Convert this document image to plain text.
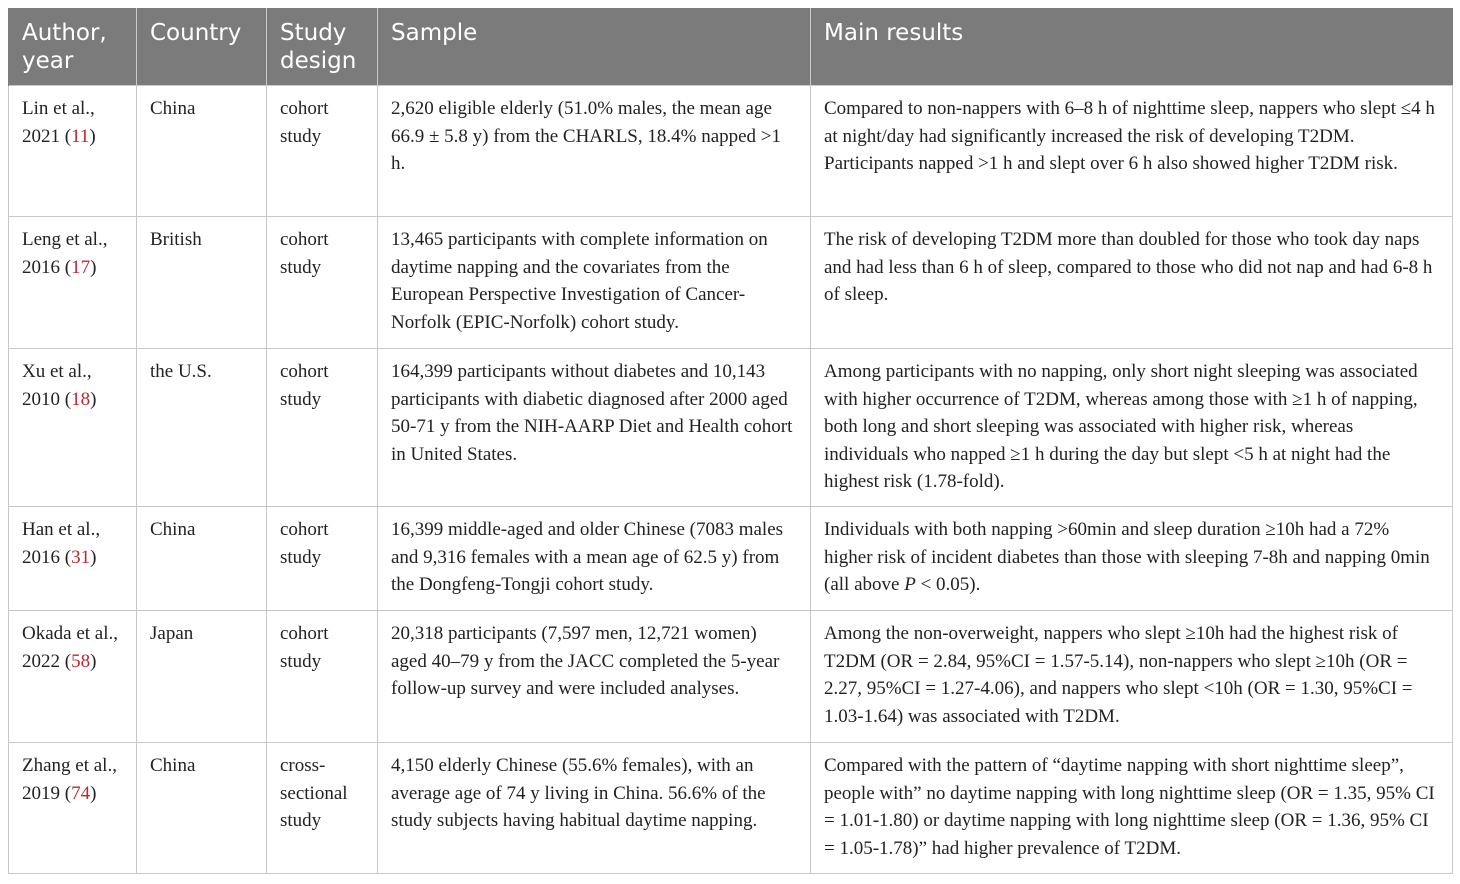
Author, year	Country	Study design	Sample	Main results
Lin et al., 2021 (11)	China	cohort study	2,620 eligible elderly (51.0% males, the mean age 66.9 ± 5.8 y) from the CHARLS, 18.4% napped >1 h.	Compared to non-nappers with 6–8 h of nighttime sleep, nappers who slept ≤4 h at night/day had significantly increased the risk of developing T2DM. Participants napped >1 h and slept over 6 h also showed higher T2DM risk.
Leng et al., 2016 (17)	British	cohort study	13,465 participants with complete information on daytime napping and the covariates from the European Perspective Investigation of Cancer-Norfolk (EPIC-Norfolk) cohort study.	The risk of developing T2DM more than doubled for those who took day naps and had less than 6 h of sleep, compared to those who did not nap and had 6-8 h of sleep.
Xu et al., 2010 (18)	the U.S.	cohort study	164,399 participants without diabetes and 10,143 participants with diabetic diagnosed after 2000 aged 50-71 y from the NIH-AARP Diet and Health cohort in United States.	Among participants with no napping, only short night sleeping was associated with higher occurrence of T2DM, whereas among those with ≥1 h of napping, both long and short sleeping was associated with higher risk, whereas individuals who napped ≥1 h during the day but slept <5 h at night had the highest risk (1.78-fold).
Han et al., 2016 (31)	China	cohort study	16,399 middle-aged and older Chinese (7083 males and 9,316 females with a mean age of 62.5 y) from the Dongfeng-Tongji cohort study.	Individuals with both napping >60min and sleep duration ≥10h had a 72% higher risk of incident diabetes than those with sleeping 7-8h and napping 0min (all above P < 0.05).
Okada et al., 2022 (58)	Japan	cohort study	20,318 participants (7,597 men, 12,721 women) aged 40–79 y from the JACC completed the 5-year follow-up survey and were included analyses.	Among the non-overweight, nappers who slept ≥10h had the highest risk of T2DM (OR = 2.84, 95%CI = 1.57-5.14), non-nappers who slept ≥10h (OR = 2.27, 95%CI = 1.27-4.06), and nappers who slept <10h (OR = 1.30, 95%CI = 1.03-1.64) was associated with T2DM.
Zhang et al., 2019 (74)	China	cross-sectional study	4,150 elderly Chinese (55.6% females), with an average age of 74 y living in China. 56.6% of the study subjects having habitual daytime napping.	Compared with the pattern of “daytime napping with short nighttime sleep”, people with” no daytime napping with long nighttime sleep (OR = 1.35, 95% CI = 1.01-1.80) or daytime napping with long nighttime sleep (OR = 1.36, 95% CI = 1.05-1.78)” had higher prevalence of T2DM.
